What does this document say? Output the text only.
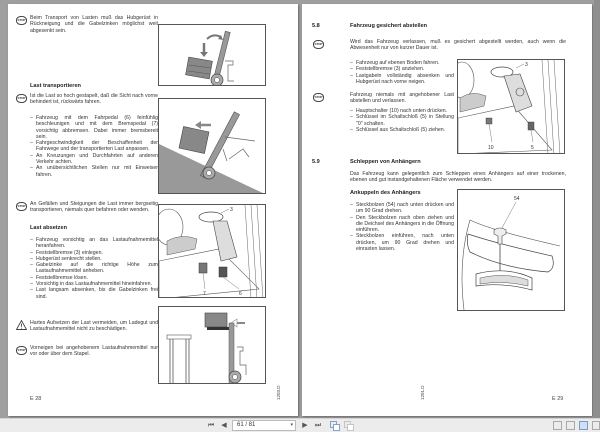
STOP Beim Transport von Lasten muß das Hubgerüst in Rückneigung und die Gabelzinken möglichst weit abgesenkt sein.
Last transportieren
STOP Ist die Last so hoch gestapelt, daß die Sicht nach vorne behindert ist, rückwärts fahren.
– Fahrzeug mit dem Fahrpedal (6) feinfühlig beschleunigen und mit dem Bremspedal (7) vorsichtig abbremsen. Dabei immer bremsbereit sein.
– Fahrgeschwindigkeit der Beschaffenheit der Fahrwege und der transportierten Last anpassen.
– An Kreuzungen und Durchfahrten auf anderen Verkehr achten.
– An unübersichtlichen Stellen nur mit Einweiser fahren.
STOP An Gefällen und Steigungen die Last immer bergseitig transportieren, niemals quer befahren oder wenden.
Last absetzen
– Fahrzeug vorsichtig an das Lastaufnahmemittel heranfahren.
– Feststellbremse (3) einlegen.
– Hubgerüst senkrecht stellen.
– Gabelzinke auf die richtige Höhe zum Lastaufnahmemittel anheben.
– Feststellbremse lösen.
– Vorsichtig in das Lastaufnahmemittel hineinfahren.
– Last langsam absenken, bis die Gabelzinken frei sind.
Hartes Aufsetzen der Last vermeiden, um Ladegut und Lastaufnahmemittel nicht zu beschädigen.
STOP Vorneigen bei angehobenem Lastaufnahmemittel nur vor oder über dem Stapel.
3
7	6
1203.D
E 28
5.8	Fahrzeug gesichert abstellen
STOP	Wird das Fahrzeug verlassen, muß es gesichert abgestellt werden, auch wenn die Abwesenheit nur von kurzer Dauer ist.
– Fahrzeug auf ebenen Boden fahren.
– Feststellbremse (3) anziehen.
– Lastgabeln vollständig absenken und Hubgerüst nach vorne neigen.
STOP	Fahrzeug niemals mit angehobener Last abstellen und verlassen.
– Hauptschalter (10) nach unten drücken.
– Schlüssel im Schaltschloß (5) in Stellung "0" schalten.
– Schlüssel aus Schaltschloß (5) ziehen.
3
10	5
5.9	Schleppen von Anhängern
Das Fahrzeug kann gelegentlich zum Schleppen eines Anhängers auf einer trockenen, ebenen und gut instandgehaltenen Fläche verwendet werden.
Ankuppeln des Anhängers
– Steckbolzen (54) nach unten drücken und um 90 Grad drehen.
– Den Steckbolzen nach oben ziehen und die Deichsel des Anhängers in die Öffnung einführen.
– Steckbolzen einführen, nach unten drücken, um 90 Grad drehen und einrasten lassen.
54
1201.D	E 29
⏮	◀	61 / 81	▾	▶	⏭
